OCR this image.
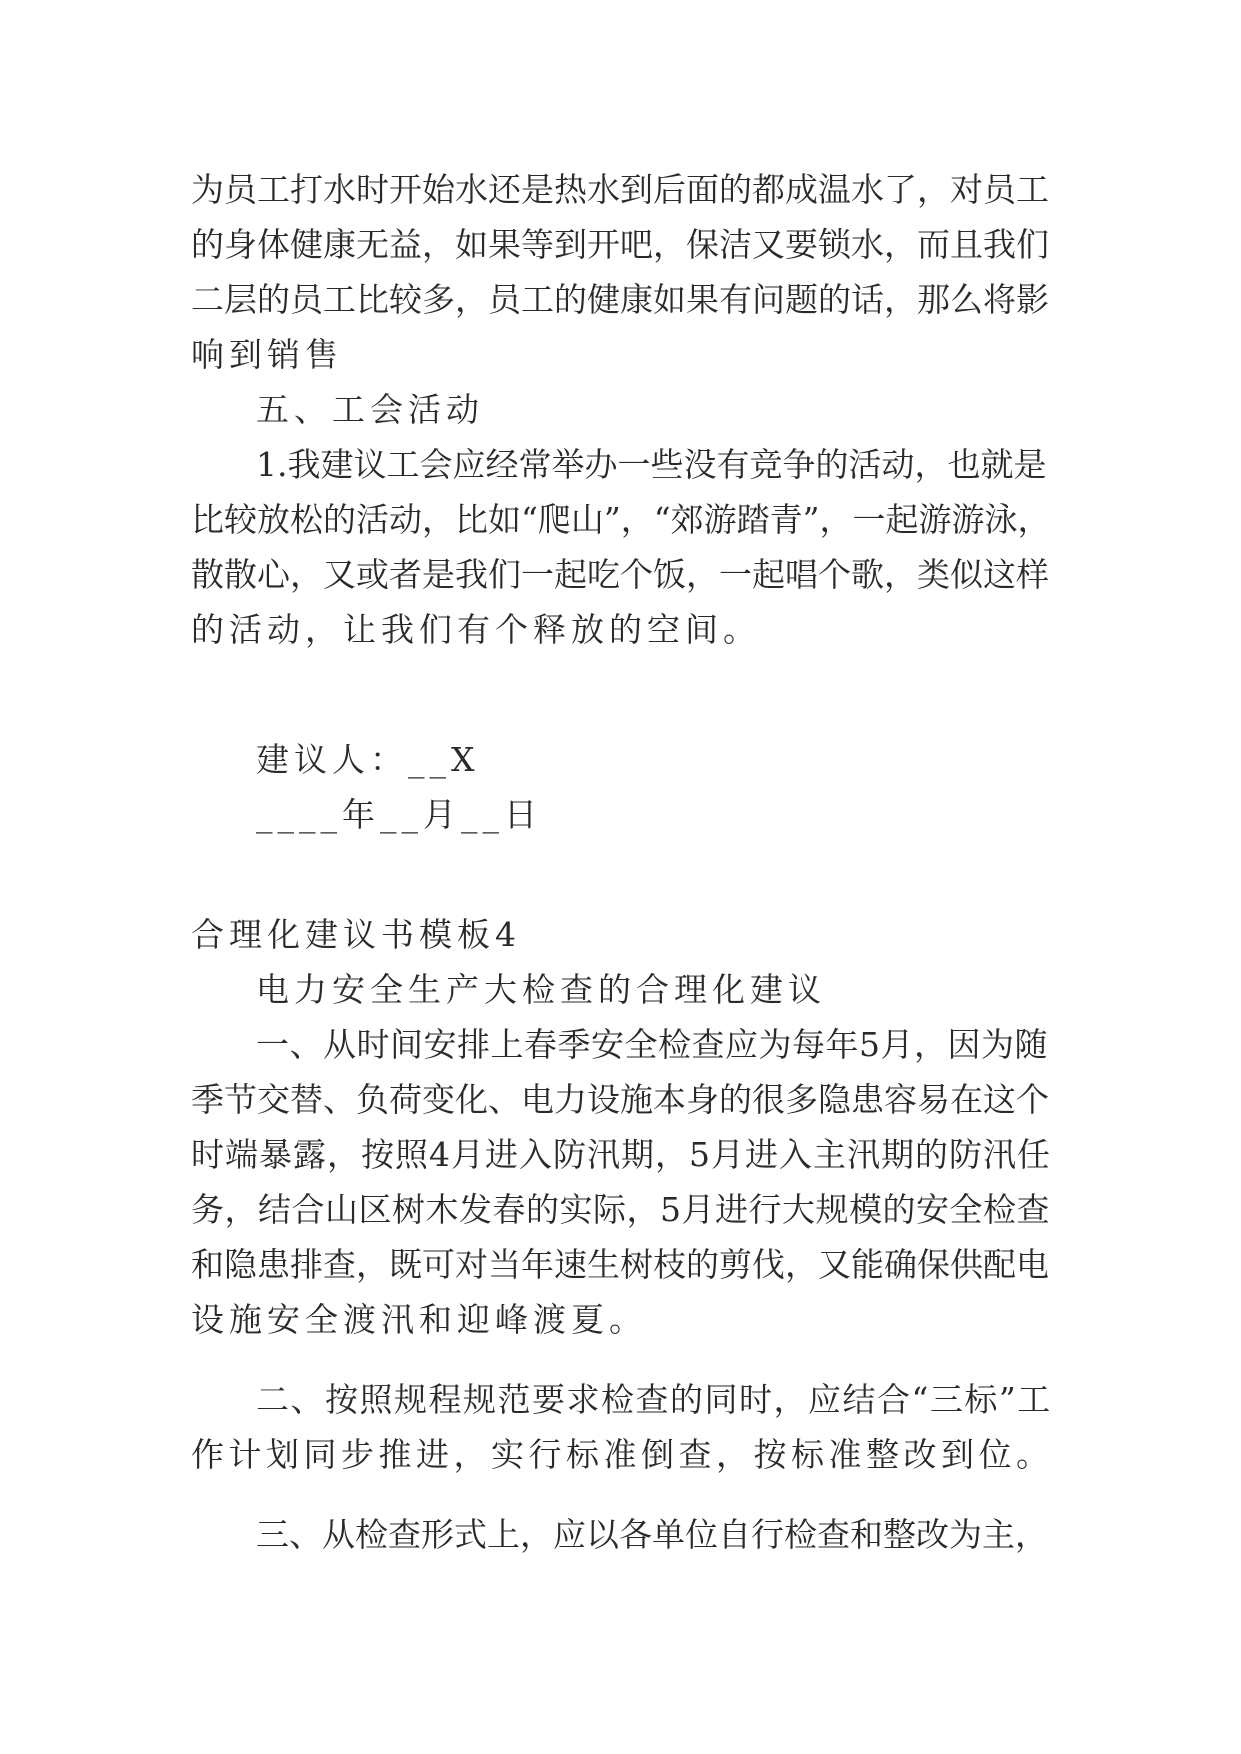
为员工打水时开始水还是热水到后面的都成温水了，对员工

的身体健康无益，如果等到开吧，保洁又要锁水，而且我们

二层的员工比较多，员工的健康如果有问题的话，那么将影

响到销售

五、工会活动

1.我建议工会应经常举办一些没有竞争的活动，也就是

比较放松的活动，比如“爬山”，“郊游踏青”，一起游游泳，

散散心，又或者是我们一起吃个饭，一起唱个歌，类似这样

的活动，让我们有个释放的空间。

建议人：__X

____年__月__日

合理化建议书模板4

电力安全生产大检查的合理化建议

一、从时间安排上春季安全检查应为每年5月，因为随

季节交替、负荷变化、电力设施本身的很多隐患容易在这个

时端暴露，按照4月进入防汛期，5月进入主汛期的防汛任

务，结合山区树木发春的实际，5月进行大规模的安全检查

和隐患排查，既可对当年速生树枝的剪伐，又能确保供配电

设施安全渡汛和迎峰渡夏。

二、按照规程规范要求检查的同时，应结合“三标”工

作计划同步推进，实行标准倒查，按标准整改到位。

三、从检查形式上，应以各单位自行检查和整改为主，
